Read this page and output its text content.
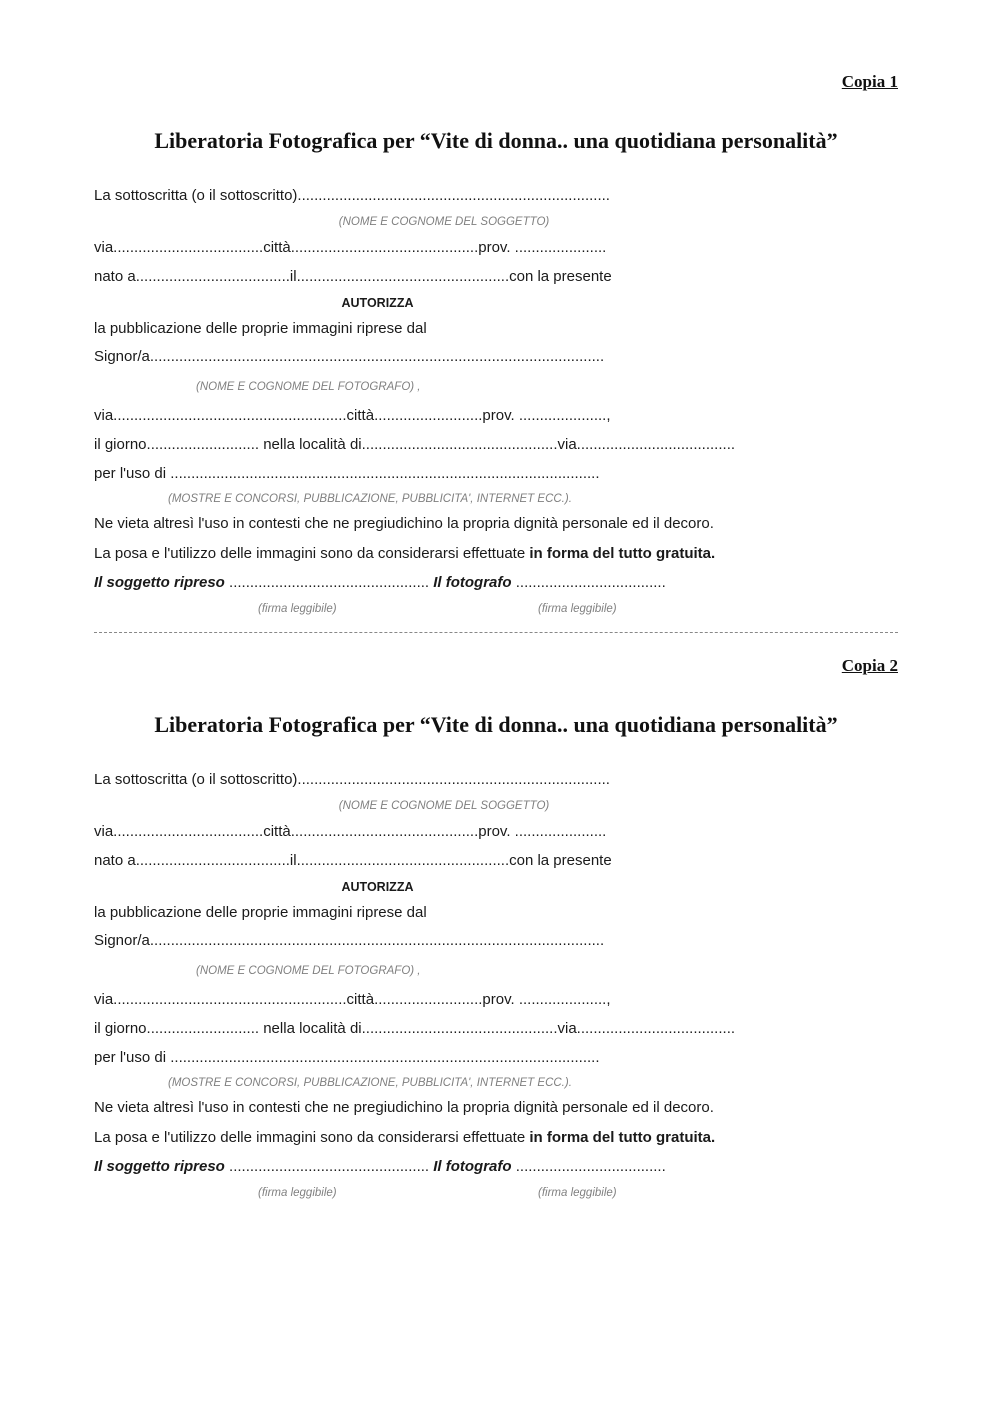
Copia 1
Liberatoria Fotografica per “Vite di donna.. una quotidiana personalità”
La sottoscritta (o il sottoscritto)...........................................................................
(NOME E COGNOME DEL SOGGETTO)
via....................................città.............................................prov. ......................
nato a.....................................il...................................................con la presente
AUTORIZZA
la pubblicazione delle proprie immagini riprese dal
Signor/a.............................................................................................................
(NOME E COGNOME DEL FOTOGRAFO) ,
via........................................................città..........................prov. .....................,
il giorno........................... nella località di...............................................via......................................
per l'uso di .......................................................................................................
(MOSTRE E CONCORSI, PUBBLICAZIONE, PUBBLICITA', INTERNET ECC.).
Ne vieta altresì l'uso in contesti che ne pregiudichino la propria dignità personale ed il decoro.
La posa e l'utilizzo delle immagini sono da considerarsi effettuate in forma del tutto gratuita.
Il soggetto ripreso ................................................ Il fotografo ....................................
(firma leggibile)	(firma leggibile)
Copia 2
Liberatoria Fotografica per “Vite di donna.. una quotidiana personalità”
La sottoscritta (o il sottoscritto)...........................................................................
(NOME E COGNOME DEL SOGGETTO)
via....................................città.............................................prov. ......................
nato a.....................................il...................................................con la presente
AUTORIZZA
la pubblicazione delle proprie immagini riprese dal
Signor/a.............................................................................................................
(NOME E COGNOME DEL FOTOGRAFO) ,
via........................................................città..........................prov. .....................,
il giorno........................... nella località di...............................................via......................................
per l'uso di .......................................................................................................
(MOSTRE E CONCORSI, PUBBLICAZIONE, PUBBLICITA', INTERNET ECC.).
Ne vieta altresì l'uso in contesti che ne pregiudichino la propria dignità personale ed il decoro.
La posa e l'utilizzo delle immagini sono da considerarsi effettuate in forma del tutto gratuita.
Il soggetto ripreso ................................................ Il fotografo ....................................
(firma leggibile)	(firma leggibile)
